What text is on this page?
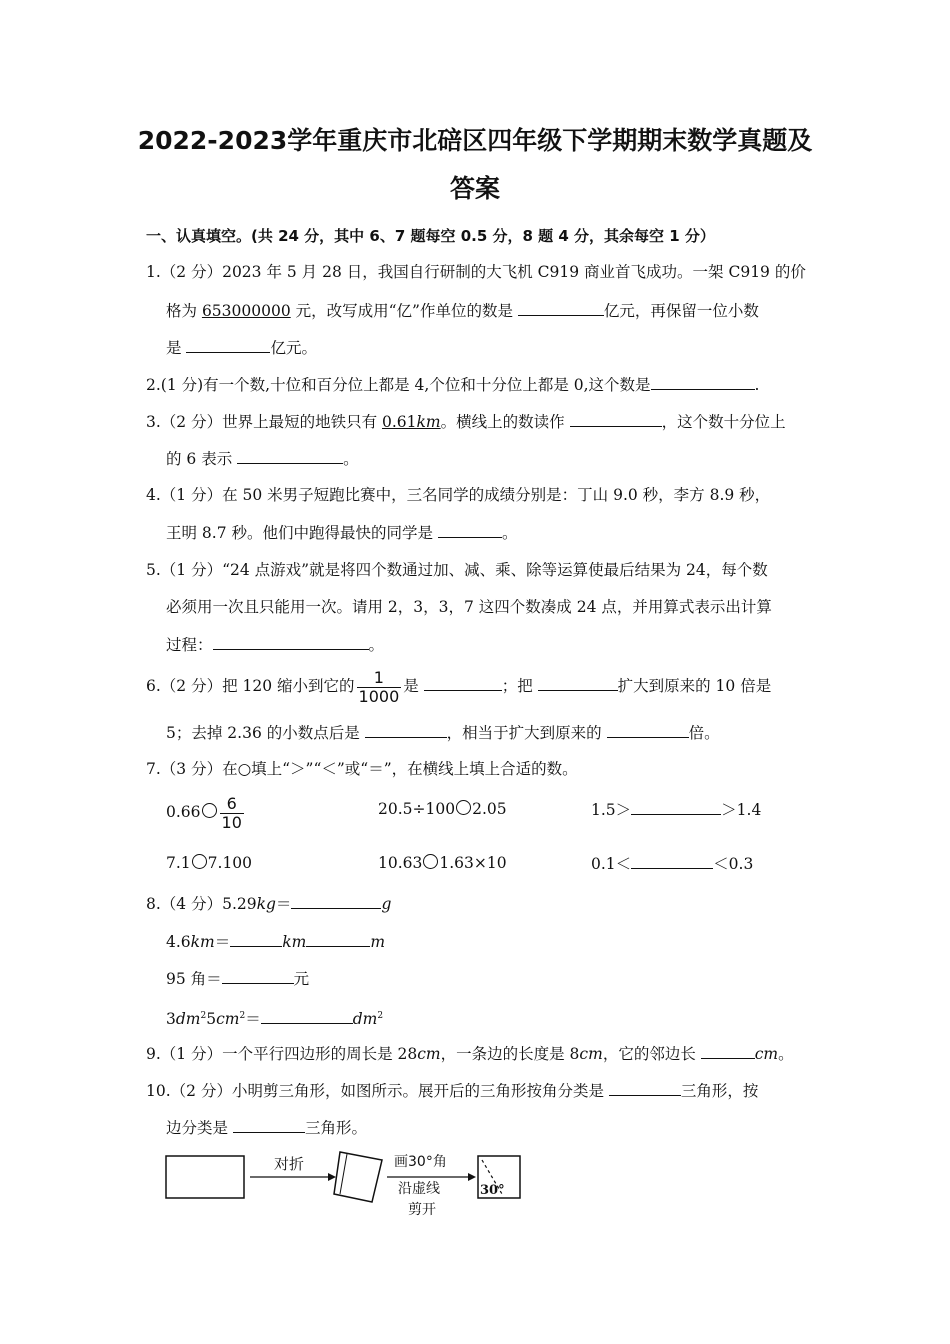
2022-2023学年重庆市北碚区四年级下学期期末数学真题及
答案
一、认真填空。(共 24 分，其中 6、7 题每空 0.5 分，8 题 4 分，其余每空 1 分）
1.（2 分）2023 年 5 月 28 日，我国自行研制的大飞机 C919 商业首飞成功。一架 C919 的价
格为 653000000 元，改写成用“亿”作单位的数是	亿元，再保留一位小数
是	亿元。
2.(1 分)有一个数,十位和百分位上都是 4,个位和十分位上都是 0,这个数是	.
3.（2 分）世界上最短的地铁只有 0.61km。横线上的数读作	，这个数十分位上
的 6 表示	。
4.（1 分）在 50 米男子短跑比赛中，三名同学的成绩分别是：丁山 9.0 秒，李方 8.9 秒，
王明 8.7 秒。他们中跑得最快的同学是	。
5.（1 分）“24 点游戏”就是将四个数通过加、减、乘、除等运算使最后结果为 24，每个数
必须用一次且只能用一次。请用 2，3，3，7 这四个数凑成 24 点，并用算式表示出计算
过程：	。
6.（2 分）把 120 缩小到它的 $\frac{1}{1000}$ 是	；把	扩大到原来的 10 倍是
5；去掉 2.36 的小数点后是	，相当于扩大到原来的	倍。
7.（3 分）在○填上“＞”“＜”或“＝”，在横线上填上合适的数。
$0.66 \frac{6}{10}$	20.5÷100 2.05	1.5＞	＞1.4
7.1 7.100	10.63 1.63×10	0.1＜	＜0.3
8.（4 分）5.29kg＝	g
4.6km＝	km	m
95 角＝	元
$3dm^25cm^2=$	$dm^2$
9.（1 分）一个平行四边形的周长是 28cm，一条边的长度是 8cm，它的邻边长	cm。
10.（2 分）小明剪三角形，如图所示。展开后的三角形按角分类是	三角形，按
边分类是	三角形。
对折	画30°角
沿虚线
剪开
30°
